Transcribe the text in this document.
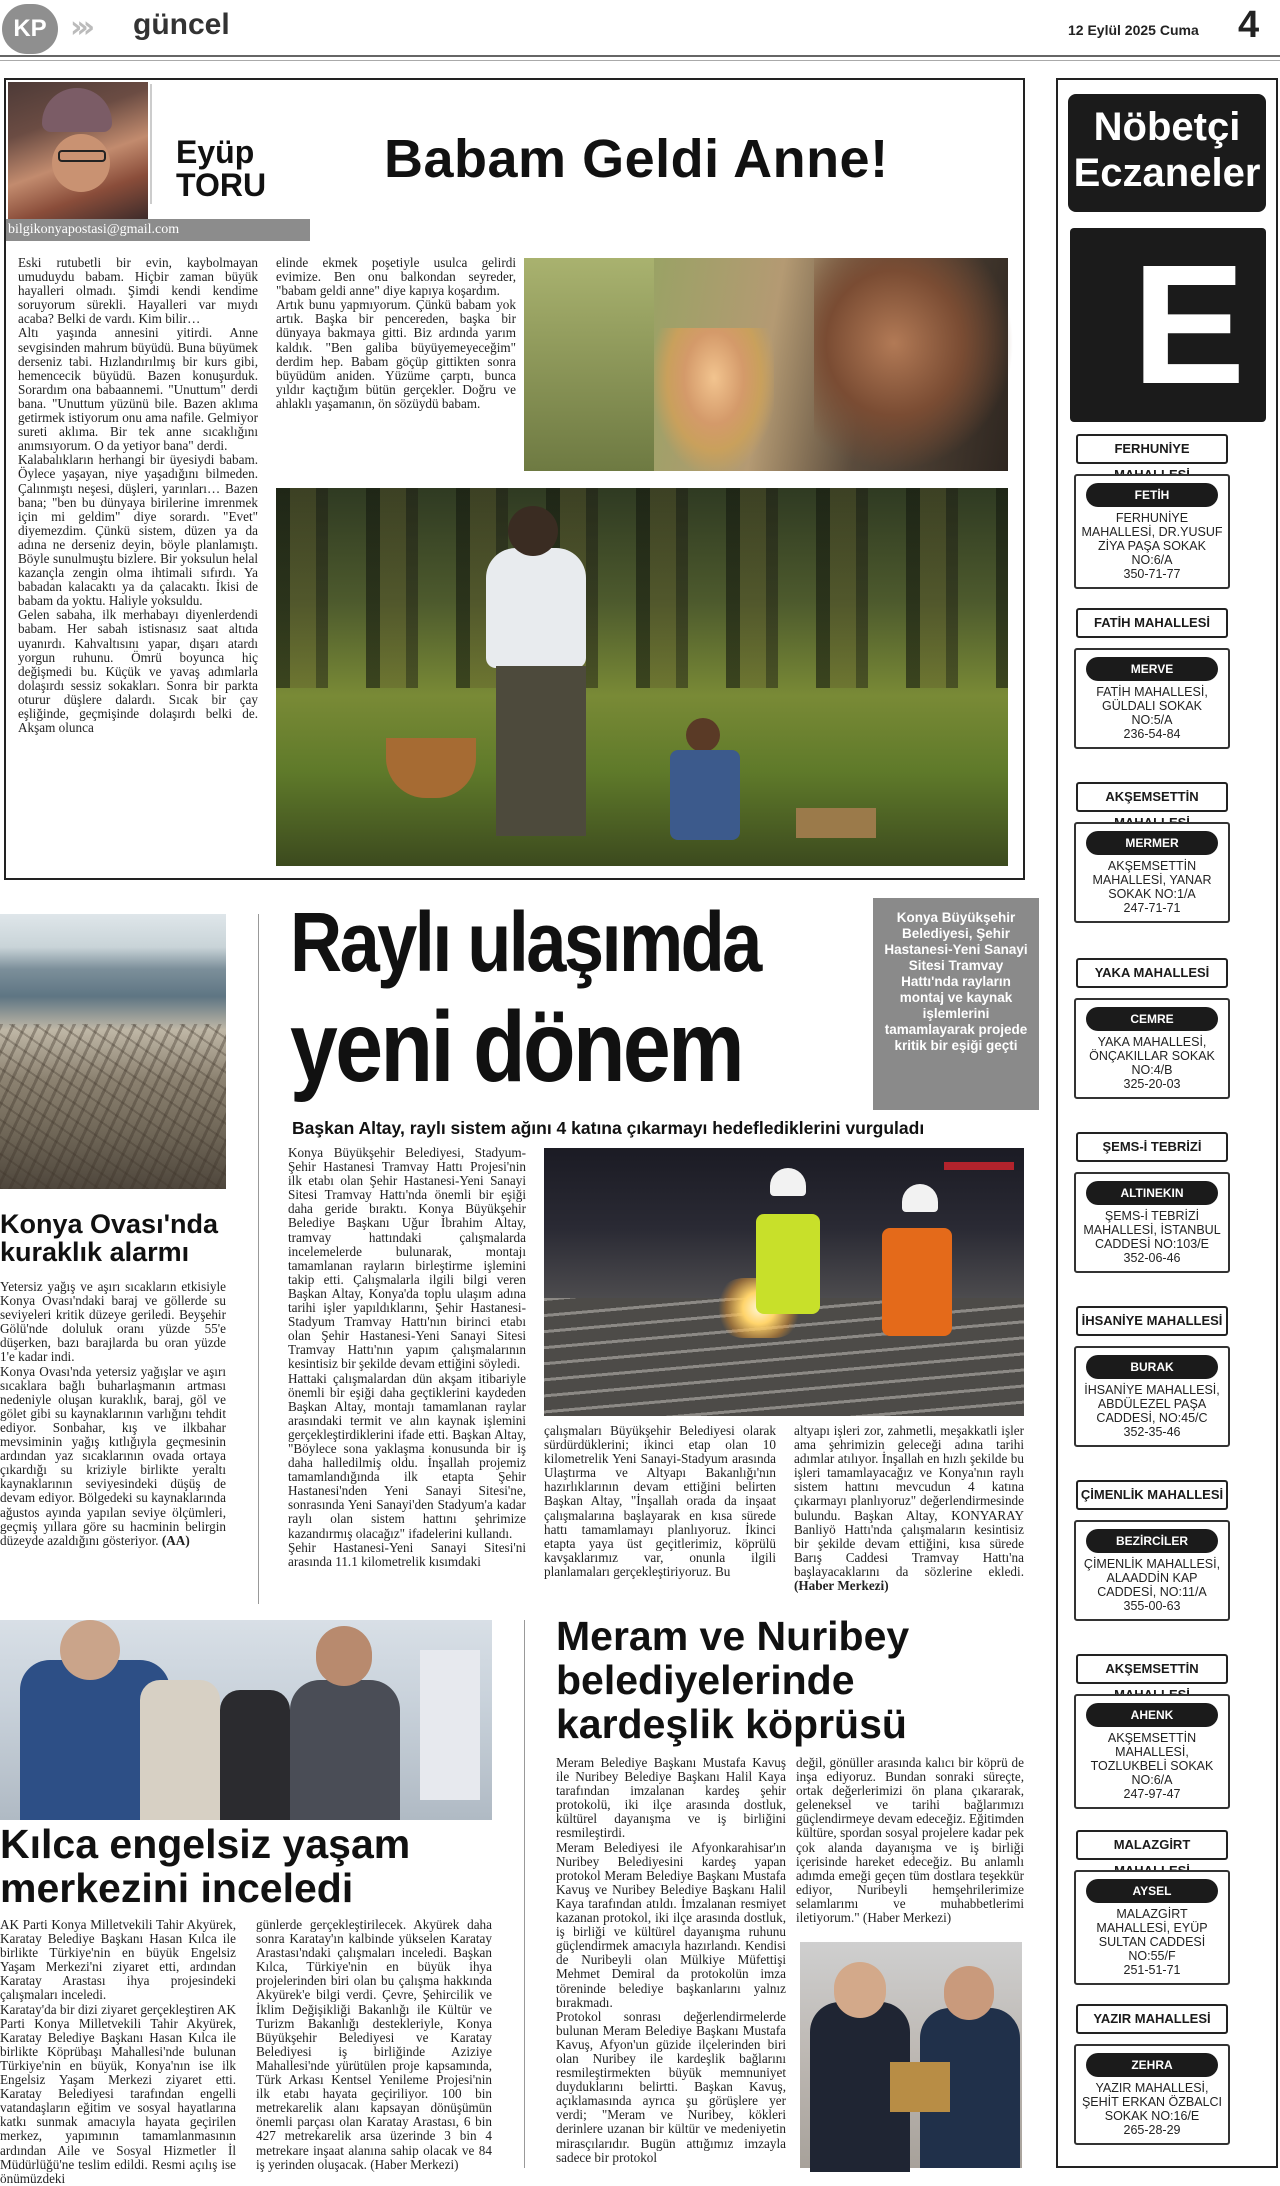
KP ››› güncel	12 Eylül 2025 Cuma 4
Eyüp
TORU
bilgikonyapostasi@gmail.com
Babam Geldi Anne!
Eski rutubetli bir evin, kaybolmayan umuduydu babam. Hiçbir zaman büyük hayalleri olmadı. Şimdi kendi kendime soruyorum sürekli. Hayalleri var mıydı acaba? Belki de vardı. Kim bilir…
Altı yaşında annesini yitirdi. Anne sevgisinden mahrum büyüdü. Buna büyümek derseniz tabi. Hızlandırılmış bir kurs gibi, hemencecik büyüdü. Bazen konuşurduk. Sorardım ona babaannemi. "Unuttum" derdi bana. "Unuttum yüzünü bile. Bazen aklıma getirmek istiyorum onu ama nafile. Gelmiyor sureti aklıma. Bir tek anne sıcaklığını anımsıyorum. O da yetiyor bana" derdi.
Kalabalıkların herhangi bir üyesiydi babam. Öylece yaşayan, niye yaşadığını bilmeden. Çalınmıştı neşesi, düşleri, yarınları… Bazen bana; "ben bu dünyaya birilerine imrenmek için mi geldim" diye sorardı. "Evet" diyemezdim. Çünkü sistem, düzen ya da adına ne derseniz deyin, böyle planlamıştı. Böyle sunulmuştu bizlere. Bir yoksulun helal kazançla zengin olma ihtimali sıfırdı. Ya babadan kalacaktı ya da çalacaktı. İkisi de babam da yoktu. Haliyle yoksuldu.
Gelen sabaha, ilk merhabayı diyenlerdendi babam. Her sabah istisnasız saat altıda uyanırdı. Kahvaltısını yapar, dışarı atardı yorgun ruhunu. Ömrü boyunca hiç değişmedi bu. Küçük ve yavaş adımlarla dolaşırdı sessiz sokakları. Sonra bir parkta oturur düşlere dalardı. Sıcak bir çay eşliğinde, geçmişinde dolaşırdı belki de. Akşam olunca
elinde ekmek poşetiyle usulca gelirdi evimize. Ben onu balkondan seyreder, "babam geldi anne" diye kapıya koşardım.
Artık bunu yapmıyorum. Çünkü babam yok artık. Başka bir pencereden, başka bir dünyaya bakmaya gitti. Biz ardında yarım kaldık. "Ben galiba büyüyemeyeceğim" derdim hep. Babam göçüp gittikten sonra büyüdüm aniden. Yüzüme çarptı, bunca yıldır kaçtığım bütün gerçekler. Doğru ve ahlaklı yaşamanın, ön sözüydü babam.
Konya Ovası'nda kuraklık alarmı
Yetersiz yağış ve aşırı sıcakların etkisiyle Konya Ovası'ndaki baraj ve göllerde su seviyeleri kritik düzeye geriledi. Beyşehir Gölü'nde doluluk oranı yüzde 55'e düşerken, bazı barajlarda bu oran yüzde 1'e kadar indi.
Konya Ovası'nda yetersiz yağışlar ve aşırı sıcaklara bağlı buharlaşmanın artması nedeniyle oluşan kuraklık, baraj, göl ve gölet gibi su kaynaklarının varlığını tehdit ediyor. Sonbahar, kış ve ilkbahar mevsiminin yağış kıtlığıyla geçmesinin ardından yaz sıcaklarının ovada ortaya çıkardığı su kriziyle birlikte yeraltı kaynaklarının seviyesindeki düşüş de devam ediyor. Bölgedeki su kaynaklarında ağustos ayında yapılan seviye ölçümleri, geçmiş yıllara göre su hacminin belirgin düzeyde azaldığını gösteriyor. (AA)
Raylı ulaşımda
yeni dönem
Konya Büyükşehir Belediyesi, Şehir Hastanesi-Yeni Sanayi Sitesi Tramvay Hattı'nda rayların montaj ve kaynak işlemlerini tamamlayarak projede kritik bir eşiği geçti
Başkan Altay, raylı sistem ağını 4 katına çıkarmayı hedeflediklerini vurguladı
Konya Büyükşehir Belediyesi, Stadyum-Şehir Hastanesi Tramvay Hattı Projesi'nin ilk etabı olan Şehir Hastanesi-Yeni Sanayi Sitesi Tramvay Hattı'nda önemli bir eşiği daha geride bıraktı. Konya Büyükşehir Belediye Başkanı Uğur İbrahim Altay, tramvay hattındaki çalışmalarda incelemelerde bulunarak, montajı tamamlanan rayların birleştirme işlemini takip etti. Çalışmalarla ilgili bilgi veren Başkan Altay, Konya'da toplu ulaşım adına tarihi işler yapıldıklarını, Şehir Hastanesi-Stadyum Tramvay Hattı'nın birinci etabı olan Şehir Hastanesi-Yeni Sanayi Sitesi Tramvay Hattı'nın yapım çalışmalarının kesintisiz bir şekilde devam ettiğini söyledi.
Hattaki çalışmalardan dün akşam itibariyle önemli bir eşiği daha geçtiklerini kaydeden Başkan Altay, montajı tamamlanan raylar arasındaki termit ve alın kaynak işlemini gerçekleştirdiklerini ifade etti. Başkan Altay, "Böylece sona yaklaşma konusunda bir iş daha halledilmiş oldu. İnşallah projemiz tamamlandığında ilk etapta Şehir Hastanesi'nden Yeni Sanayi Sitesi'ne, sonrasında Yeni Sanayi'den Stadyum'a kadar raylı olan sistem hattını şehrimize kazandırmış olacağız" ifadelerini kullandı.
Şehir Hastanesi-Yeni Sanayi Sitesi'ni arasında 11.1 kilometrelik kısımdaki
çalışmaları Büyükşehir Belediyesi olarak sürdürdüklerini; ikinci etap olan 10 kilometrelik Yeni Sanayi-Stadyum arasında Ulaştırma ve Altyapı Bakanlığı'nın hazırlıklarının devam ettiğini belirten Başkan Altay, "İnşallah orada da inşaat çalışmalarına başlayarak en kısa sürede hattı tamamlamayı planlıyoruz. İkinci etapta yaya üst geçitlerimiz, köprülü kavşaklarımız var, onunla ilgili planlamaları gerçekleştiriyoruz. Bu
altyapı işleri zor, zahmetli, meşakkatli işler ama şehrimizin geleceği adına tarihi adımlar atılıyor. İnşallah en hızlı şekilde bu işleri tamamlayacağız ve Konya'nın raylı sistem hattını mevcudun 4 katına çıkarmayı planlıyoruz" değerlendirmesinde bulundu. Başkan Altay, KONYARAY Banliyö Hattı'nda çalışmaların kesintisiz bir şekilde devam ettiğini, kısa sürede Barış Caddesi Tramvay Hattı'na başlayacaklarını da sözlerine ekledi. (Haber Merkezi)
Kılca engelsiz yaşam merkezini inceledi
AK Parti Konya Milletvekili Tahir Akyürek, Karatay Belediye Başkanı Hasan Kılca ile birlikte Türkiye'nin en büyük Engelsiz Yaşam Merkezi'ni ziyaret etti, ardından Karatay Arastası ihya projesindeki çalışmaları inceledi.
Karatay'da bir dizi ziyaret gerçekleştiren AK Parti Konya Milletvekili Tahir Akyürek, Karatay Belediye Başkanı Hasan Kılca ile birlikte Köprübaşı Mahallesi'nde bulunan Türkiye'nin en büyük, Konya'nın ise ilk Engelsiz Yaşam Merkezi ziyaret etti. Karatay Belediyesi tarafından engelli vatandaşların eğitim ve sosyal hayatlarına katkı sunmak amacıyla hayata geçirilen merkez, yapımının tamamlanmasının ardından Aile ve Sosyal Hizmetler İl Müdürlüğü'ne teslim edildi. Resmi açılış ise önümüzdeki
günlerde gerçekleştirilecek. Akyürek daha sonra Karatay'ın kalbinde yükselen Karatay Arastası'ndaki çalışmaları inceledi. Başkan Kılca, Türkiye'nin en büyük ihya projelerinden biri olan bu çalışma hakkında Akyürek'e bilgi verdi. Çevre, Şehircilik ve İklim Değişikliği Bakanlığı ile Kültür ve Turizm Bakanlığı destekleriyle, Konya Büyükşehir Belediyesi ve Karatay Belediyesi iş birliğinde Aziziye Mahallesi'nde yürütülen proje kapsamında, Türk Arkası Kentsel Yenileme Projesi'nin ilk etabı hayata geçiriliyor. 100 bin metrekarelik alanı kapsayan dönüşümün önemli parçası olan Karatay Arastası, 6 bin 427 metrekarelik arsa üzerinde 3 bin 4 metrekare inşaat alanına sahip olacak ve 84 iş yerinden oluşacak. (Haber Merkezi)
Meram ve Nuribey belediyelerinde kardeşlik köprüsü
Meram Belediye Başkanı Mustafa Kavuş ile Nuribey Belediye Başkanı Halil Kaya tarafından imzalanan kardeş şehir protokolü, iki ilçe arasında dostluk, kültürel dayanışma ve iş birliğini resmileştirdi.
Meram Belediyesi ile Afyonkarahisar'ın Nuribey Belediyesini kardeş yapan protokol Meram Belediye Başkanı Mustafa Kavuş ve Nuribey Belediye Başkanı Halil Kaya tarafından atıldı. İmzalanan resmiyet kazanan protokol, iki ilçe arasında dostluk, iş birliği ve kültürel dayanışma ruhunu güçlendirmek amacıyla hazırlandı. Kendisi de Nuribeyli olan Mülkiye Müfettişi Mehmet Demiral da protokolün imza töreninde belediye başkanlarını yalnız bırakmadı.
Protokol sonrası değerlendirmelerde bulunan Meram Belediye Başkanı Mustafa Kavuş, Afyon'un güzide ilçelerinden biri olan Nuribey ile kardeşlik bağlarını resmileştirmekten büyük memnuniyet duyduklarını belirtti. Başkan Kavuş, açıklamasında ayrıca şu görüşlere yer verdi; "Meram ve Nuribey, kökleri derinlere uzanan bir kültür ve medeniyetin mirasçılarıdır. Bugün attığımız imzayla sadece bir protokol
değil, gönüller arasında kalıcı bir köprü de inşa ediyoruz. Bundan sonraki süreçte, ortak değerlerimizi ön plana çıkararak, geleneksel ve tarihi bağlarımızı güçlendirmeye devam edeceğiz. Eğitimden kültüre, spordan sosyal projelere kadar pek çok alanda dayanışma ve iş birliği içerisinde hareket edeceğiz. Bu anlamlı adımda emeği geçen tüm dostlara teşekkür ediyor, Nuribeyli hemşehrilerimize selamlarımı ve muhabbetlerimi iletiyorum." (Haber Merkezi)
Nöbetçi
Eczaneler
E
FERHUNİYE
FETİH
FERHUNİYE MAHALLESİ, DR.YUSUF ZİYA PAŞA SOKAK NO:6/A
350-71-77
FATİH MAHALLESİ
MERVE
FATİH MAHALLESİ, GÜLDALI SOKAK NO:5/A
236-54-84
AKŞEMSETTİN
MERMER
AKŞEMSETTİN MAHALLESİ, YANAR SOKAK NO:1/A
247-71-71
YAKA MAHALLESİ
CEMRE
YAKA MAHALLESİ, ÖNÇAKILLAR SOKAK NO:4/B
325-20-03
ŞEMS-İ TEBRİZİ
ALTINEKIN
ŞEMS-İ TEBRİZİ MAHALLESİ, İSTANBUL CADDESİ NO:103/E
352-06-46
İHSANİYE MAHALLESİ
BURAK
İHSANİYE MAHALLESİ, ABDÜLEZEL PAŞA CADDESİ, NO:45/C
352-35-46
ÇİMENLİK MAHALLESİ
BEZİRCİLER
ÇİMENLİK MAHALLESİ, ALAADDİN KAP CADDESİ, NO:11/A
355-00-63
AKŞEMSETTİN
AHENK
AKŞEMSETTİN MAHALLESİ, TOZLUKBELİ SOKAK NO:6/A
247-97-47
MALAZGİRT
AYSEL
MALAZGİRT MAHALLESİ, EYÜP SULTAN CADDESİ NO:55/F
251-51-71
YAZIR MAHALLESİ
ZEHRA
YAZIR MAHALLESİ, ŞEHİT ERKAN ÖZBALCI SOKAK NO:16/E
265-28-29
